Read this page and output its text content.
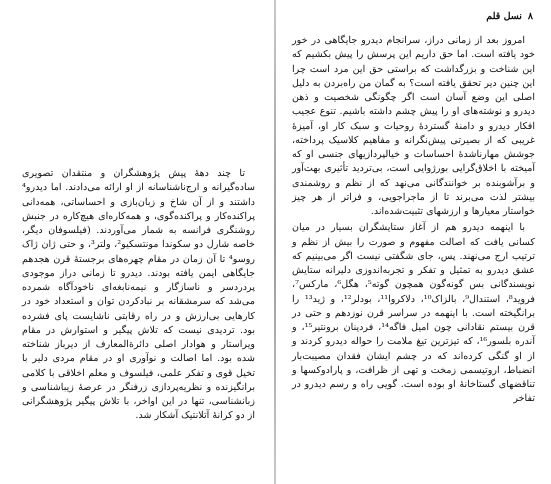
تا چند دههٔ پیش پژوهشگران و منتقدان تصویری ساده‌گیرانه و ارج‌ناشناسانه از او ارائه می‌دادند. اما دیدرو⁴ داشتند و از آن شاخ و زبان‌بازی و احساساتی، همه‌دانی پراکنده‌کار و پراکنده‌گوی، و همه‌کاره‌ای هیچ‌کاره در جنبش روشنگری فرانسه به شمار می‌آوردند. (فیلسوفان دیگر، خاصه شارل دو سکوندا مونتسکیو²، ولتر³، و حتی ژان ژاک روسو⁴ تا آن زمان در مقام چهره‌های برجستهٔ قرن هجدهم جایگاهی ایمن یافته بودند. دیدرو تا زمانی دراز موجودی پردردسر و ناسازگار و نیمه‌نابغه‌ای ناخودآگاه شمرده می‌شد که سرمشقانه بر نبادکردن توان و استعداد خود در کارهایی بی‌ارزش و در راه رقابتی ناشایست پای فشرده بود. تردیدی نیست که تلاش پیگیر و استوارش در مقام ویراستار و هوادار اصلی دائرةالمعارف از دیرباز شناخته شده بود. اما اصالت و نوآوری او در مقام مردی دلیر با تخیل قوی و تفکر علمی، فیلسوف و معلم اخلاقی با کلامی برانگیزنده و نظریه‌پردازی زرفنگر در عرصهٔ زیباشناسی و زبانشناسی، تنها در این اواخر، با تلاش پیگیر پژوهشگرانی از دو کرانهٔ آتلانتیک آشکار شد.

۸
نسل قلم

امروز بعد از زمانی دراز، سرانجام دیدرو جایگاهی در خور خود یافته است. اما حق داریم این پرسش را پیش بکشیم که این شناخت و بزرگداشت که براستی حق این مرد است چرا این چنین دیر تحقق یافته است؟ به گمان من راه‌بردن به دلیل اصلی این وضع آسان است اگر چگونگی شخصیت و ذهن دیدرو و نوشته‌های او را پیش چشم داشته باشیم. تنوع عجیب افکار دیدرو و دامنهٔ گستردهٔ روحیات و سبک کار او، آمیزهٔ غریبی که از بصیرتی پیش‌نگرانه و مفاهیم کلاسیک پرداخته، جوشش مهارناشدهٔ احساسات و خیالپردازیهای جنسی او که آمیخته با اخلاق‌گرایی بورژوایی است، بی‌تردید تأثیری بهت‌آور و برآشوبنده بر خوانندگانی می‌نهد که از نظم و روشمندی بیشتر لذت می‌برند تا از ماجراجویی، و فراتر از هر چیز خواستار معیارها و ارزشهای تثبیت‌شده‌اند.

با اینهمه دیدرو هم از آغاز ستایشگران بسیار در میان کسانی یافت که اصالت مفهوم و صورت را بیش از نظم و ترتیب ارج می‌نهند. پس، جای شگفتی نیست اگر می‌بینیم که عشق دیدرو به تمثیل و تفکر و تجربه‌اندوزی دلیرانه ستایش نویسندگانی بس گونه‌گون همچون گوته⁵، هگل⁶، مارکس⁷، فروید⁸، استندال⁹، بالزاک¹⁰، دلاکروا¹¹، بودلر¹²، و ژید¹³ را برانگیخته است. با اینهمه در سراسر قرن نوزدهم و حتی در قرن بیستم نقادانی چون امیل فاگه¹⁴، فردینان برونتیر¹⁵، و آندره بلسور¹⁶، که تیزترین تیغ ملامت را حواله دیدرو کردند و از او گنگی کرده‌اند که در چشم ایشان فقدان مصیبت‌بار انضباط، اروتیسمی زمخت و تهی از ظرافت، و پارادوکسها و تناقضهای گستاخانهٔ او بوده است. گویی راه و رسم دیدرو در تفاخر
